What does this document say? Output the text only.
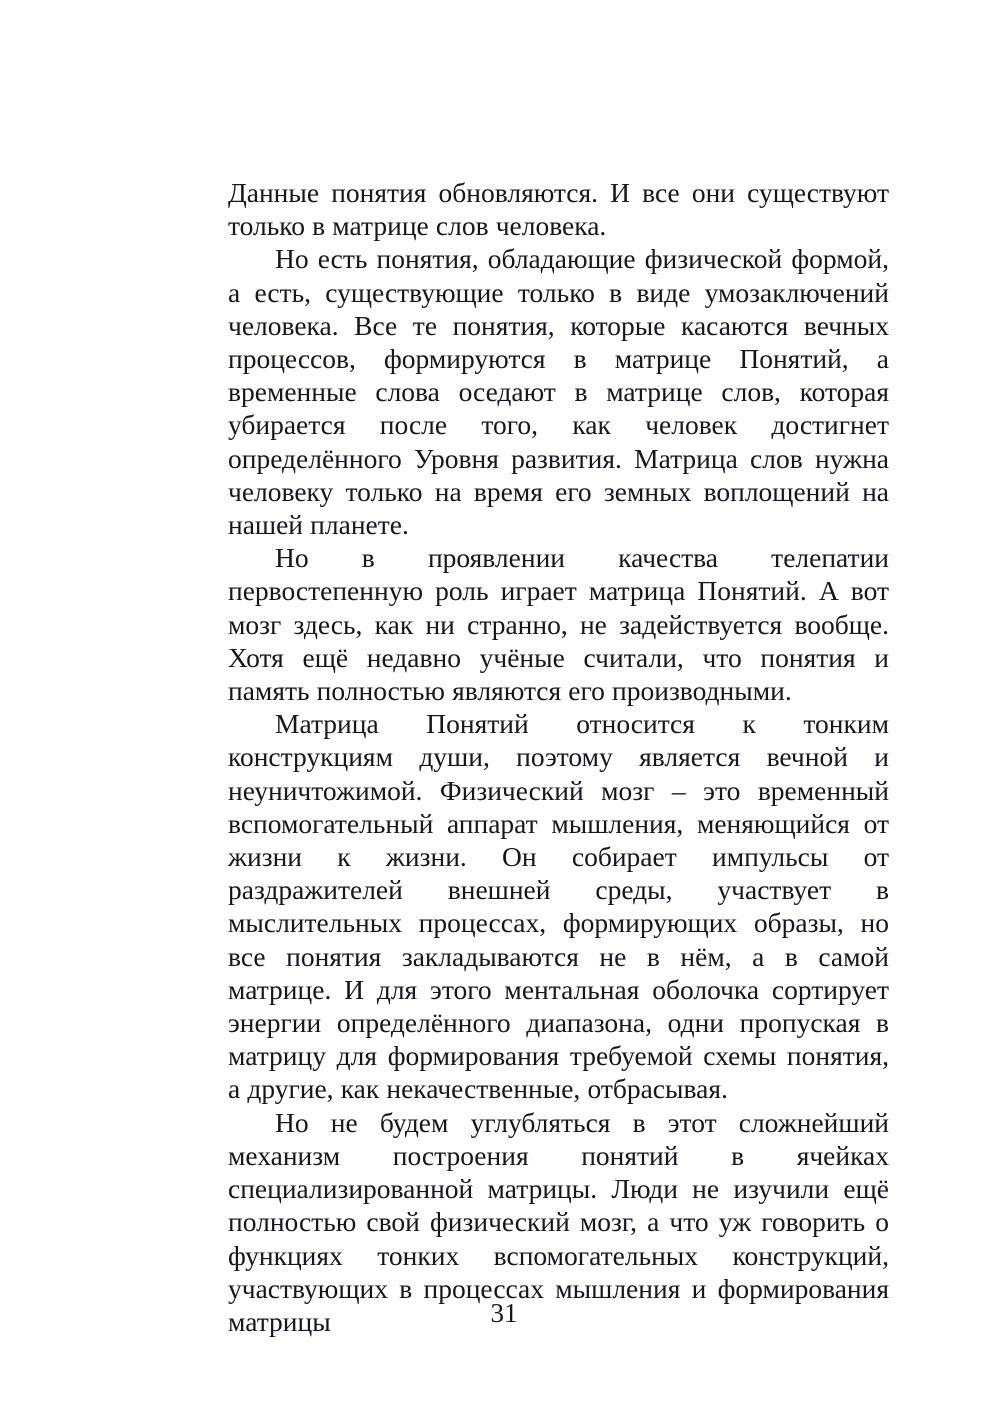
Данные понятия обновляются. И все они существуют только в матрице слов человека.

Но есть понятия, обладающие физической формой, а есть, существующие только в виде умозаключений человека. Все те понятия, которые касаются вечных процессов, формируются в матрице Понятий, а временные слова оседают в матрице слов, которая убирается после того, как человек достигнет определённого Уровня развития. Матрица слов нужна человеку только на время его земных воплощений на нашей планете.

Но в проявлении качества телепатии первостепенную роль играет матрица Понятий. А вот мозг здесь, как ни странно, не задействуется вообще. Хотя ещё недавно учёные считали, что понятия и память полностью являются его производными.

Матрица Понятий относится к тонким конструкциям души, поэтому является вечной и неуничтожимой. Физический мозг – это временный вспомогательный аппарат мышления, меняющийся от жизни к жизни. Он собирает импульсы от раздражителей внешней среды, участвует в мыслительных процессах, формирующих образы, но все понятия закладываются не в нём, а в самой матрице. И для этого ментальная оболочка сортирует энергии определённого диапазона, одни пропуская в матрицу для формирования требуемой схемы понятия, а другие, как некачественные, отбрасывая.

Но не будем углубляться в этот сложнейший механизм построения понятий в ячейках специализированной матрицы. Люди не изучили ещё полностью свой физический мозг, а что уж говорить о функциях тонких вспомогательных конструкций, участвующих в процессах мышления и формирования матрицы	31
